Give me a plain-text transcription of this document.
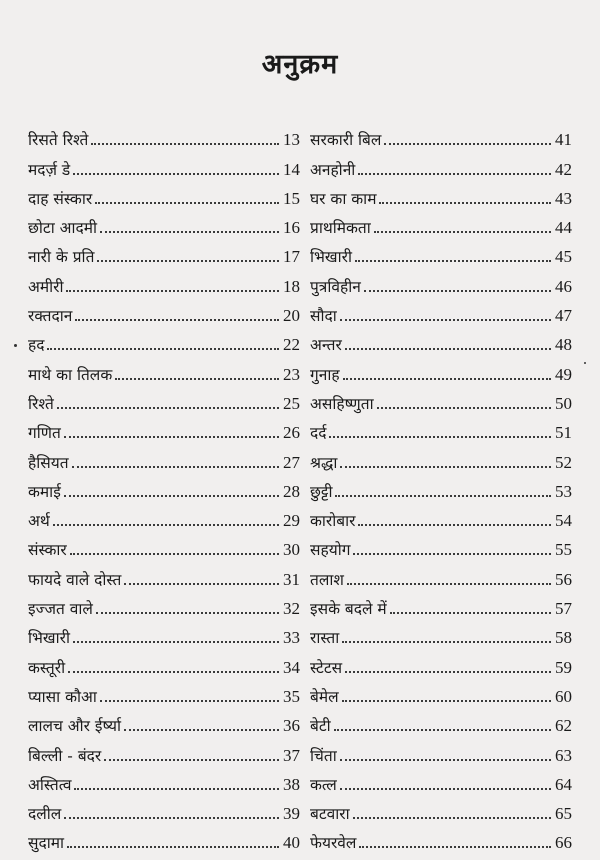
अनुक्रम
रिसते रिश्ते	13
मदर्ज़ डे	14
दाह संस्कार	15
छोटा आदमी	16
नारी के प्रति	17
अमीरी	18
रक्तदान	20
हद	22
माथे का तिलक	23
रिश्ते	25
गणित	26
हैसियत	27
कमाई	28
अर्थ	29
संस्कार	30
फायदे वाले दोस्त	31
इज्जत वाले	32
भिखारी	33
कस्तूरी	34
प्यासा कौआ	35
लालच और ईर्ष्या	36
बिल्ली - बंदर	37
अस्तित्व	38
दलील	39
सुदामा	40
सरकारी बिल	41
अनहोनी	42
घर का काम	43
प्राथमिकता	44
भिखारी	45
पुत्रविहीन	46
सौदा	47
अन्तर	48
गुनाह	49
असहिष्णुता	50
दर्द	51
श्रद्धा	52
छुट्टी	53
कारोबार	54
सहयोग	55
तलाश	56
इसके बदले में	57
रास्ता	58
स्टेटस	59
बेमेल	60
बेटी	62
चिंता	63
कत्ल	64
बटवारा	65
फेयरवेल	66
